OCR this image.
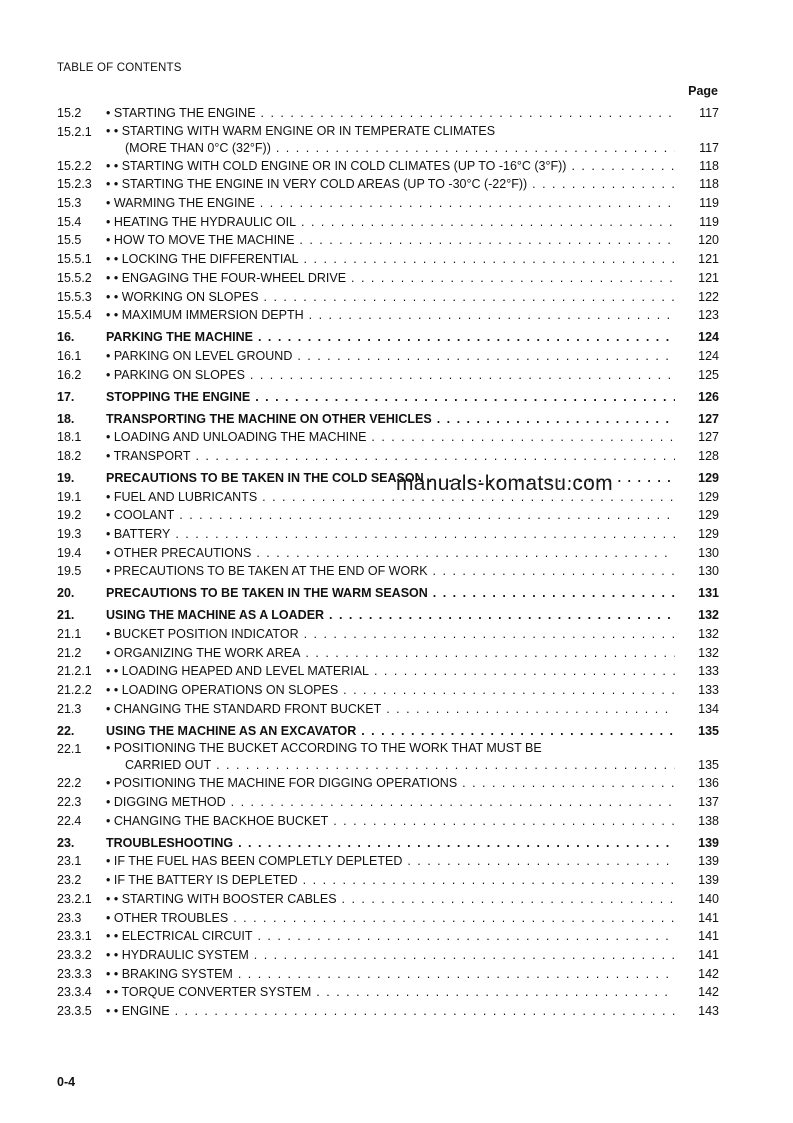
TABLE OF CONTENTS
Page
15.2	• STARTING THE ENGINE . . .	117
15.2.1	• • STARTING WITH WARM ENGINE OR IN TEMPERATE CLIMATES
(MORE THAN 0°C (32°F)) . . .	117
15.2.2	• • STARTING WITH COLD ENGINE OR IN COLD CLIMATES (UP TO -16°C (3°F)) . . .	118
15.2.3	• • STARTING THE ENGINE IN VERY COLD AREAS (UP TO -30°C (-22°F)) . . .	118
15.3	• WARMING THE ENGINE . . .	119
15.4	• HEATING THE HYDRAULIC OIL . . .	119
15.5	• HOW TO MOVE THE MACHINE . . .	120
15.5.1	• • LOCKING THE DIFFERENTIAL . . .	121
15.5.2	• • ENGAGING THE FOUR-WHEEL DRIVE . . .	121
15.5.3	• • WORKING ON SLOPES . . .	122
15.5.4	• • MAXIMUM IMMERSION DEPTH . . .	123
16.	PARKING THE MACHINE . . .	124
16.1	• PARKING ON LEVEL GROUND . . .	124
16.2	• PARKING ON SLOPES . . .	125
17.	STOPPING THE ENGINE . . .	126
18.	TRANSPORTING THE MACHINE ON OTHER VEHICLES . . .	127
18.1	• LOADING AND UNLOADING THE MACHINE . . .	127
18.2	• TRANSPORT . . .	128
19.	PRECAUTIONS TO BE TAKEN IN THE COLD SEASON . . .	129
19.1	• FUEL AND LUBRICANTS . . .	129
19.2	• COOLANT . . .	129
19.3	• BATTERY . . .	129
19.4	• OTHER PRECAUTIONS . . .	130
19.5	• PRECAUTIONS TO BE TAKEN AT THE END OF WORK . . .	130
20.	PRECAUTIONS TO BE TAKEN IN THE WARM SEASON . . .	131
21.	USING THE MACHINE AS A LOADER . . .	132
21.1	• BUCKET POSITION INDICATOR . . .	132
21.2	• ORGANIZING THE WORK AREA . . .	132
21.2.1	• • LOADING HEAPED AND LEVEL MATERIAL . . .	133
21.2.2	• • LOADING OPERATIONS ON SLOPES . . .	133
21.3	• CHANGING THE STANDARD FRONT BUCKET . . .	134
22.	USING THE MACHINE AS AN EXCAVATOR . . .	135
22.1	• POSITIONING THE BUCKET ACCORDING TO THE WORK THAT MUST BE
CARRIED OUT . . .	135
22.2	• POSITIONING THE MACHINE FOR DIGGING OPERATIONS . . .	136
22.3	• DIGGING METHOD . . .	137
22.4	• CHANGING THE BACKHOE BUCKET . . .	138
23.	TROUBLESHOOTING . . .	139
23.1	• IF THE FUEL HAS BEEN COMPLETLY DEPLETED . . .	139
23.2	• IF THE BATTERY IS DEPLETED . . .	139
23.2.1	• • STARTING WITH BOOSTER CABLES . . .	140
23.3	• OTHER TROUBLES . . .	141
23.3.1	• • ELECTRICAL CIRCUIT . . .	141
23.3.2	• • HYDRAULIC SYSTEM . . .	141
23.3.3	• • BRAKING SYSTEM . . .	142
23.3.4	• • TORQUE CONVERTER SYSTEM . . .	142
23.3.5	• • ENGINE . . .	143
manuals-komatsu.com
0-4
